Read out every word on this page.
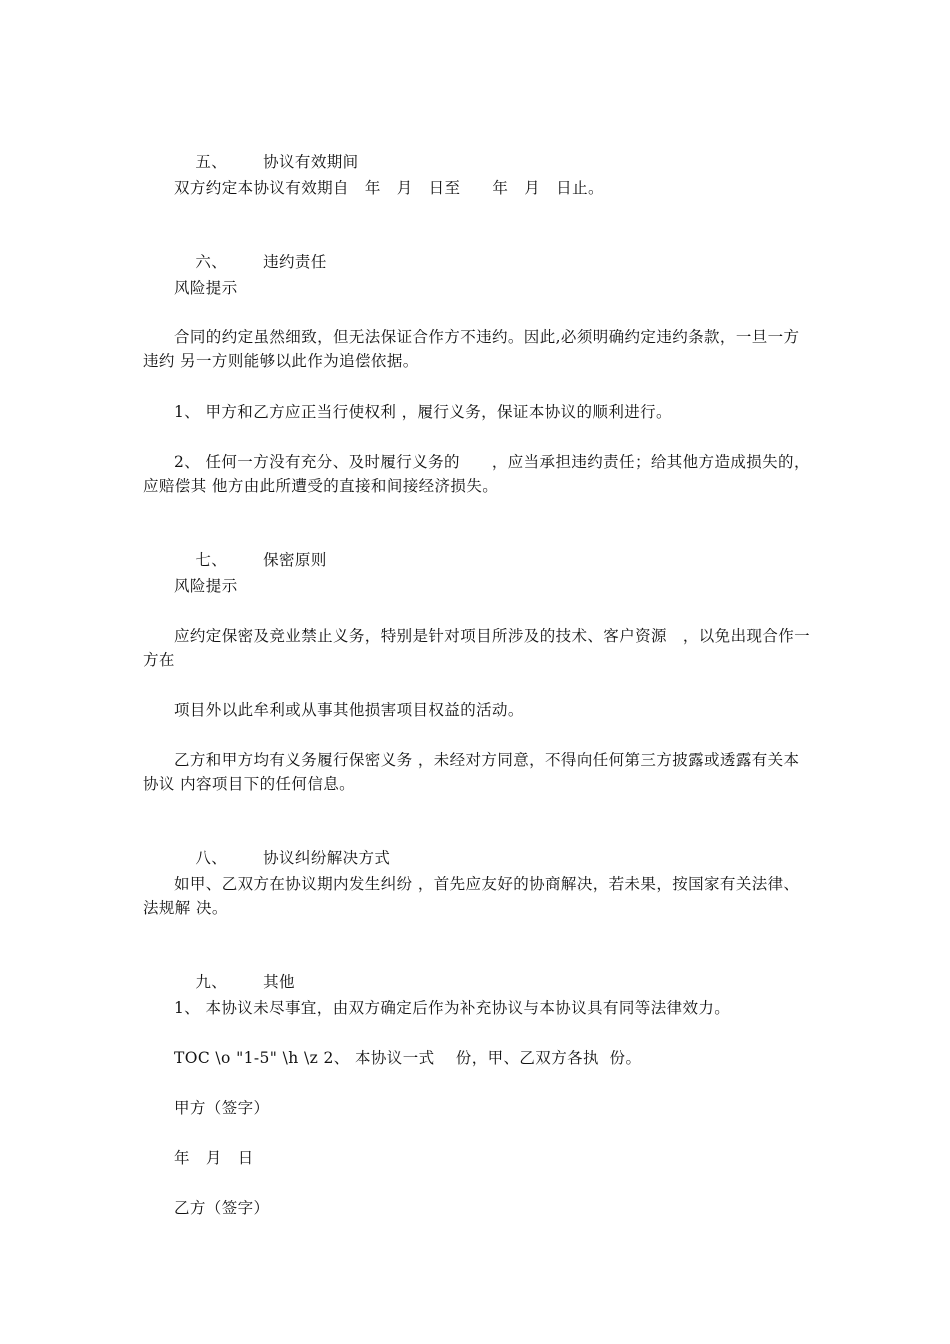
五、 协议有效期间

双方约定本协议有效期自   年   月   日至      年   月   日止。

六、 违约责任

风险提示
合同的约定虽然细致，但无法保证合作方不违约。因此,必须明确约定违约条款，一旦一方违约 另一方则能够以此作为追偿依据。
1、 甲方和乙方应正当行使权利 ，履行义务，保证本协议的顺利进行。
2、 任何一方没有充分、及时履行义务的      ，应当承担违约责任；给其他方造成损失的，应赔偿其 他方由此所遭受的直接和间接经济损失。

七、 保密原则

风险提示
应约定保密及竞业禁止义务，特别是针对项目所涉及的技术、客户资源   ，以免出现合作一方在
项目外以此牟利或从事其他损害项目权益的活动。
乙方和甲方均有义务履行保密义务 ，未经对方同意，不得向任何第三方披露或透露有关本协议 内容项目下的任何信息。

八、 协议纠纷解决方式

如甲、乙双方在协议期内发生纠纷 ，首先应友好的协商解决，若未果，按国家有关法律、法规解 决。

九、 其他

1、 本协议未尽事宜，由双方确定后作为补充协议与本协议具有同等法律效力。
TOC \o "1-5" \h \z 2、 本协议一式    份，甲、乙双方各执  份。
甲方（签字）
年   月   日
乙方（签字）
